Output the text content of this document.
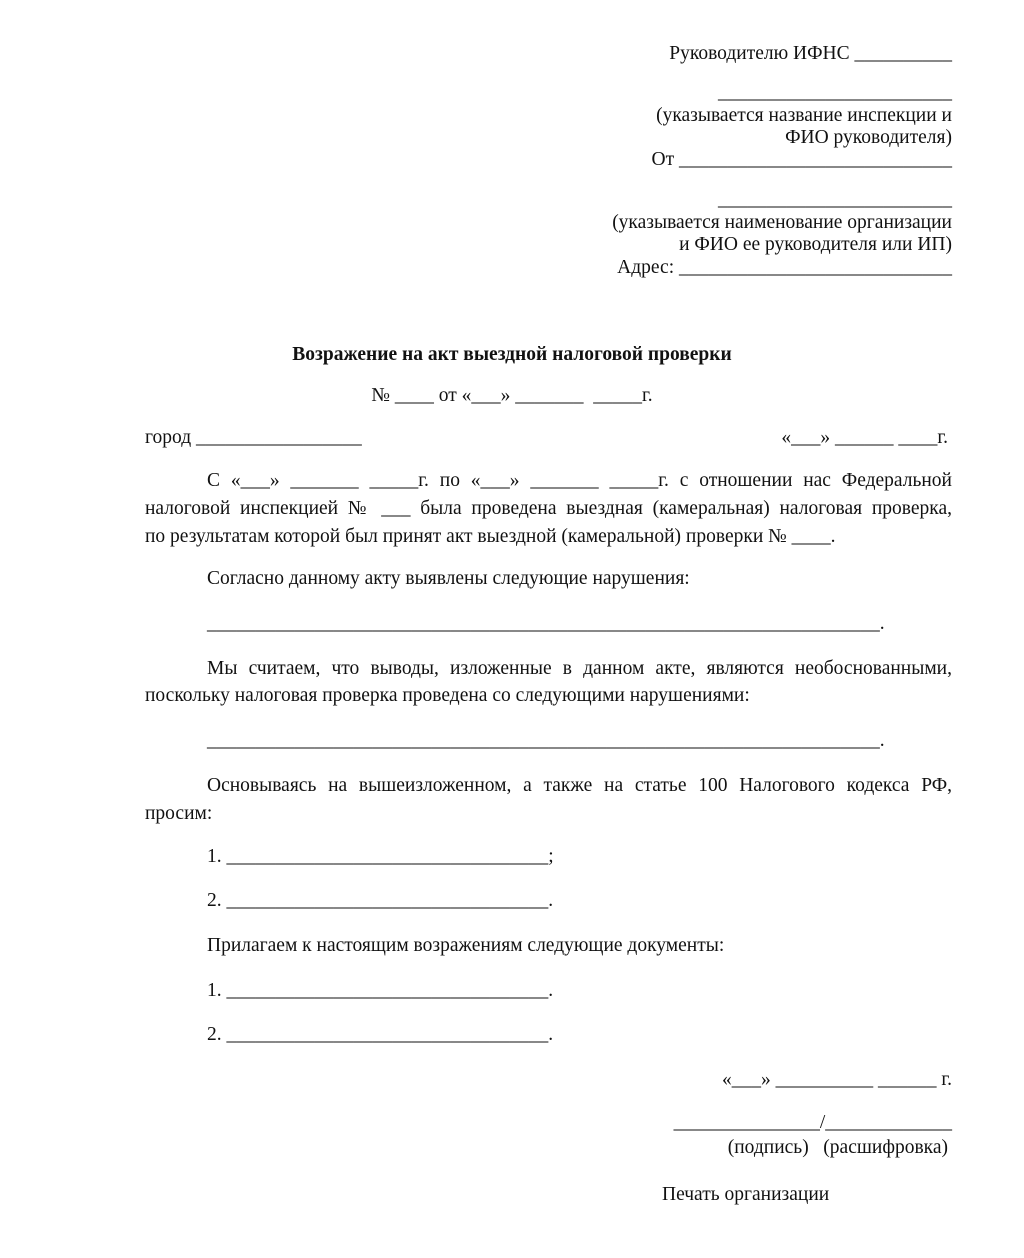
Руководителю ИФНС __________
________________________
(указывается название инспекции и
ФИО руководителя)
От ____________________________
________________________
(указывается наименование организации
и ФИО ее руководителя или ИП)
Адрес: ____________________________
Возражение на акт выездной налоговой проверки
№ ____ от «___» _______  _____г.
город _________________	«___» ______ ____г.
С «___» _______ _____г. по «___» _______ _____г. с отношении нас Федеральной
налоговой инспекцией № ___ была проведена выездная (камеральная) налоговая проверка,
по результатам которой был принят акт выездной (камеральной) проверки № ____.
Согласно данному акту выявлены следующие нарушения:
_____________________________________________________________________.
Мы считаем, что выводы, изложенные в данном акте, являются необоснованными,
поскольку налоговая проверка проведена со следующими нарушениями:
_____________________________________________________________________.
Основываясь на вышеизложенном, а также на статье 100 Налогового кодекса РФ,
просим:
1. _________________________________;
2. _________________________________.
Прилагаем к настоящим возражениям следующие документы:
1. _________________________________.
2. _________________________________.
«___» __________ ______ г.
_______________/_____________
(подпись)   (расшифровка)
Печать организации
